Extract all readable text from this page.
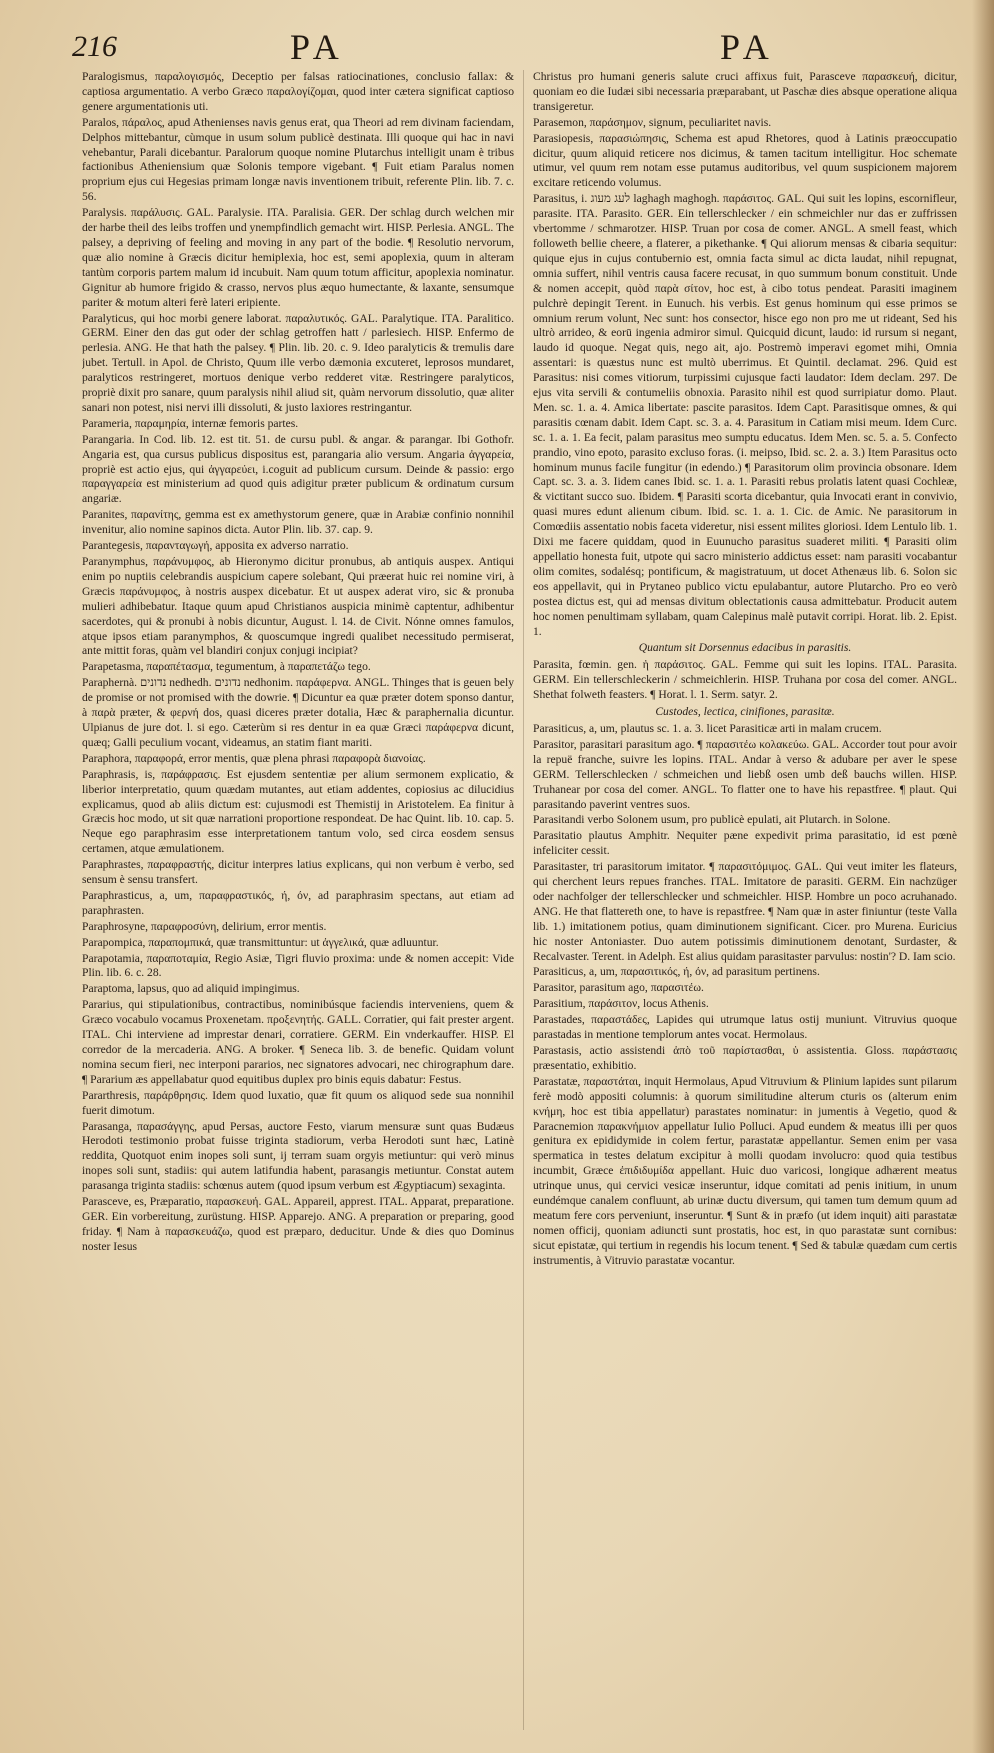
216	PA	PA

Paralogismus, παραλογισμός, Deceptio per falsas ratiocinationes, conclusio fallax: & captiosa argumentatio. A verbo Græco παραλογίζομαι, quod inter cætera significat captioso genere argumentationis uti.

Paralos, πάραλος, apud Athenienses navis genus erat, qua Theori ad rem divinam faciendam, Delphos mittebantur, cùmque in usum solum publicè destinata. Illi quoque qui hac in navi vehebantur, Parali dicebantur. Paralorum quoque nomine Plutarchus intelligit unam è tribus factionibus Atheniensium quæ Solonis tempore vigebant. ¶ Fuit etiam Paralus nomen proprium ejus cui Hegesias primam longæ navis inventionem tribuit, referente Plin. lib. 7. c. 56.

Paralysis. παράλυσις. GAL. Paralysie. ITA. Paralisia. GER. Der schlag durch welchen mir der harbe theil des leibs troffen und ynempfindlich gemacht wirt. HISP. Perlesia. ANGL. The palsey, a depriving of feeling and moving in any part of the bodie. ¶ Resolutio nervorum, quæ alio nomine à Græcis dicitur hemiplexia, hoc est, semi apoplexia, quum in alteram tantùm corporis partem malum id incubuit. Nam quum totum afficitur, apoplexia nominatur. Gignitur ab humore frigido & crasso, nervos plus æquo humectante, & laxante, sensumque pariter & motum alteri ferè lateri eripiente.

Paralyticus, qui hoc morbi genere laborat. παραλυτικός. GAL. Paralytique. ITA. Paralitico. GERM. Einer den das gut oder der schlag getroffen hatt / parlesiech. HISP. Enfermo de perlesia. ANG. He that hath the palsey. ¶ Plin. lib. 20. c. 9. Ideo paralyticis & tremulis dare jubet. Tertull. in Apol. de Christo, Quum ille verbo dæmonia excuteret, leprosos mundaret, paralyticos restringeret, mortuos denique verbo redderet vitæ. Restringere paralyticos, propriè dixit pro sanare, quum paralysis nihil aliud sit, quàm nervorum dissolutio, quæ aliter sanari non potest, nisi nervi illi dissoluti, & justo laxiores restringantur.

Parameria, παραμηρία, internæ femoris partes.

Parangaria. In Cod. lib. 12. est tit. 51. de cursu publ. & angar. & parangar. Ibi Gothofr. Angaria est, qua cursus publicus dispositus est, parangaria alio versum. Angaria ἀγγαρεία, propriè est actio ejus, qui ἀγγαρεύει, i.coguit ad publicum cursum. Deinde & passio: ergo παραγγαρεία est ministerium ad quod quis adigitur præter publicum & ordinatum cursum angariæ.

Paranites, παρανίτης, gemma est ex amethystorum genere, quæ in Arabiæ confinio nonnihil invenitur, alio nomine sapinos dicta. Autor Plin. lib. 37. cap. 9.

Parantegesis, παρανταγωγή, apposita ex adverso narratio.

Paranymphus, παράνυμφος, ab Hieronymo dicitur pronubus, ab antiquis auspex. Antiqui enim po nuptiis celebrandis auspicium capere solebant, Qui præerat huic rei nomine viri, à Græcis παράνυμφος, à nostris auspex dicebatur. Et ut auspex aderat viro, sic & pronuba mulieri adhibebatur. Itaque quum apud Christianos auspicia minimè captentur, adhibentur sacerdotes, qui & pronubi à nobis dicuntur, August. l. 14. de Civit. Nónne omnes famulos, atque ipsos etiam paranymphos, & quoscumque ingredi qualibet necessitudo permiserat, ante mittit foras, quàm vel blandiri conjux conjugi incipiat?

Parapetasma, παραπέτασμα, tegumentum, à παραπετάζω tego.

Paraphernà. נדונים nedhedh. נדונים nedhonim. παράφερνα. ANGL. Thinges that is geuen bely de promise or not promised with the dowrie. ¶ Dicuntur ea quæ præter dotem sponso dantur, à παρὰ præter, & φερνή dos, quasi diceres præter dotalia, Hæc & paraphernalia dicuntur. Ulpianus de jure dot. l. si ego. Cæterùm si res dentur in ea quæ Græci παράφερνα dicunt, quæq; Galli peculium vocant, videamus, an statim fiant mariti.

Paraphora, παραφορά, error mentis, quæ plena phrasi παραφορὰ διανοίας.

Paraphrasis, is, παράφρασις. Est ejusdem sententiæ per alium sermonem explicatio, & liberior interpretatio, quum quædam mutantes, aut etiam addentes, copiosius ac dilucidius explicamus, quod ab aliis dictum est: cujusmodi est Themistij in Aristotelem. Ea finitur à Græcis hoc modo, ut sit quæ narrationi proportione respondeat. De hac Quint. lib. 10. cap. 5. Neque ego paraphrasim esse interpretationem tantum volo, sed circa eosdem sensus certamen, atque æmulationem.

Paraphrastes, παραφραστής, dicitur interpres latius explicans, qui non verbum è verbo, sed sensum è sensu transfert.

Paraphrasticus, a, um, παραφραστικός, ή, όν, ad paraphrasim spectans, aut etiam ad paraphrasten.

Paraphrosyne, παραφροσύνη, delirium, error mentis.

Parapompica, παραπομπικά, quæ transmittuntur: ut ἀγγελικά, quæ adluuntur.

Parapotamia, παραποταμία, Regio Asiæ, Tigri fluvio proxima: unde & nomen accepit: Vide Plin. lib. 6. c. 28.

Paraptoma, lapsus, quo ad aliquid impingimus.

Pararius, qui stipulationibus, contractibus, nominibúsque faciendis interveniens, quem & Græco vocabulo vocamus Proxenetam. προξενητής. GALL. Corratier, qui fait prester argent. ITAL. Chi interviene ad imprestar denari, corratiere. GERM. Ein vnderkauffer. HISP. El corredor de la mercaderia. ANG. A broker. ¶ Seneca lib. 3. de benefic. Quidam volunt nomina secum fieri, nec interponi pararios, nec signatores advocari, nec chirographum dare. ¶ Pararium æs appellabatur quod equitibus duplex pro binis equis dabatur: Festus.

Pararthresis, παράρθρησις. Idem quod luxatio, quæ fit quum os aliquod sede sua nonnihil fuerit dimotum.

Parasanga, παρασάγγης, apud Persas, auctore Festo, viarum mensuræ sunt quas Budæus Herodoti testimonio probat fuisse triginta stadiorum, verba Herodoti sunt hæc, Latinè reddita, Quotquot enim inopes soli sunt, ij terram suam orgyis metiuntur: qui verò minus inopes soli sunt, stadiis: qui autem latifundia habent, parasangis metiuntur. Constat autem parasanga triginta stadiis: schœnus autem (quod ipsum verbum est Ægyptiacum) sexaginta.

Parasceve, es, Præparatio, παρασκευή. GAL. Appareil, apprest. ITAL. Apparat, preparatione. GER. Ein vorbereitung, zurüstung. HISP. Apparejo. ANG. A preparation or preparing, good friday. ¶ Nam à παρασκευάζω, quod est præparo, deducitur. Unde & dies quo Dominus noster Iesus

Christus pro humani generis salute cruci affixus fuit, Parasceve παρασκευή, dicitur, quoniam eo die Iudæi sibi necessaria præparabant, ut Paschæ dies absque operatione aliqua transigeretur.

Parasemon, παράσημον, signum, peculiaritet navis.

Parasiopesis, παρασιώπησις, Schema est apud Rhetores, quod à Latinis præoccupatio dicitur, quum aliquid reticere nos dicimus, & tamen tacitum intelligitur. Hoc schemate utimur, vel quum rem notam esse putamus auditoribus, vel quum suspicionem majorem excitare reticendo volumus.

Parasitus, i. לעג מעוג laghagh maghogh. παράσιτος. GAL. Qui suit les lopins, escornifleur, parasite. ITA. Parasito. GER. Ein tellerschlecker / ein schmeichler nur das er zuffrissen vbertomme / schmarotzer. HISP. Truan por cosa de comer. ANGL. A smell feast, which followeth bellie cheere, a flaterer, a pikethanke. ¶ Qui aliorum mensas & cibaria sequitur: quique ejus in cujus contubernio est, omnia facta simul ac dicta laudat, nihil repugnat, omnia suffert, nihil ventris causa facere recusat, in quo summum bonum constituit. Unde & nomen accepit, quòd παρὰ σίτον, hoc est, à cibo totus pendeat. Parasiti imaginem pulchrè depingit Terent. in Eunuch. his verbis. Est genus hominum qui esse primos se omnium rerum volunt, Nec sunt: hos consector, hisce ego non pro me ut rideant, Sed his ultrò arrideo, & eorū ingenia admiror simul. Quicquid dicunt, laudo: id rursum si negant, laudo id quoque. Negat quis, nego ait, ajo. Postremò imperavi egomet mihi, Omnia assentari: is quæstus nunc est multò uberrimus. Et Quintil. declamat. 296. Quid est Parasitus: nisi comes vitiorum, turpissimi cujusque facti laudator: Idem declam. 297. De ejus vita servili & contumeliis obnoxia. Parasito nihil est quod surripiatur domo. Plaut. Men. sc. 1. a. 4. Amica libertate: pascite parasitos. Idem Capt. Parasitisque omnes, & qui parasitis cœnam dabit. Idem Capt. sc. 3. a. 4. Parasitum in Catiam misi meum. Idem Curc. sc. 1. a. 1. Ea fecit, palam parasitus meo sumptu educatus. Idem Men. sc. 5. a. 5. Confecto prandio, vino epoto, parasito excluso foras. (i. meipso, Ibid. sc. 2. a. 3.) Item Parasitus octo hominum munus facile fungitur (in edendo.) ¶ Parasitorum olim provincia obsonare. Idem Capt. sc. 3. a. 3. Iidem canes Ibid. sc. 1. a. 1. Parasiti rebus prolatis latent quasi Cochleæ, & victitant succo suo. Ibidem. ¶ Parasiti scorta dicebantur, quia Invocati erant in convivio, quasi mures edunt alienum cibum. Ibid. sc. 1. a. 1. Cic. de Amic. Ne parasitorum in Comœdiis assentatio nobis faceta videretur, nisi essent milites gloriosi. Idem Lentulo lib. 1. Dixi me facere quiddam, quod in Euunucho parasitus suaderet militi. ¶ Parasiti olim appellatio honesta fuit, utpote qui sacro ministerio addictus esset: nam parasiti vocabantur olim comites, sodalésq; pontificum, & magistratuum, ut docet Athenæus lib. 6. Solon sic eos appellavit, qui in Prytaneo publico victu epulabantur, autore Plutarcho. Pro eo verò postea dictus est, qui ad mensas divitum oblectationis causa admittebatur. Producit autem hoc nomen penultimam syllabam, quam Calepinus malè putavit corripi. Horat. lib. 2. Epist. 1.

Quantum sit Dorsennus edacibus in parasitis.

Parasita, fœmin. gen. ἡ παράσιτος. GAL. Femme qui suit les lopins. ITAL. Parasita. GERM. Ein tellerschleckerin / schmeichlerin. HISP. Truhana por cosa del comer. ANGL. Shethat folweth feasters. ¶ Horat. l. 1. Serm. satyr. 2.

Custodes, lectica, cinifiones, parasitæ.

Parasiticus, a, um, plautus sc. 1. a. 3. licet Parasiticæ arti in malam crucem.

Parasitor, parasitari parasitum ago. ¶ παρασιτέω κολακεύω. GAL. Accorder tout pour avoir la repuë franche, suivre les lopins. ITAL. Andar à verso & adubare per aver le spese GERM. Tellerschlecken / schmeichen und liebß osen umb deß bauchs willen. HISP. Truhanear por cosa del comer. ANGL. To flatter one to have his repastfree. ¶ plaut. Qui parasitando paverint ventres suos.

Parasitandi verbo Solonem usum, pro publicè epulati, ait Plutarch. in Solone.

Parasitatio plautus Amphitr. Nequiter pæne expedivit prima parasitatio, id est pœnè infeliciter cessit.

Parasitaster, tri parasitorum imitator. ¶ παρασιτόμιμος. GAL. Qui veut imiter les flateurs, qui cherchent leurs repues franches. ITAL. Imitatore de parasiti. GERM. Ein nachzüger oder nachfolger der tellerschlecker und schmeichler. HISP. Hombre un poco acruhanado. ANG. He that flattereth one, to have is repastfree. ¶ Nam quæ in aster finiuntur (teste Valla lib. 1.) imitationem potius, quam diminutionem significant. Cicer. pro Murena. Euricius hic noster Antoniaster. Duo autem potissimis diminutionem denotant, Surdaster, & Recalvaster. Terent. in Adelph. Est alius quidam parasitaster parvulus: nostin'? D. Iam scio.

Parasiticus, a, um, παρασιτικός, ή, όν, ad parasitum pertinens.

Parasitor, parasitum ago, παρασιτέω.

Parasitium, παράσιτον, locus Athenis.

Parastades, παραστάδες, Lapides qui utrumque latus ostij muniunt. Vitruvius quoque parastadas in mentione templorum antes vocat. Hermolaus.

Parastasis, actio assistendi ἀπὸ τοῦ παρίστασθαι, ὑ assistentia. Gloss. παράστασις præsentatio, exhibitio.

Parastatæ, παραστάται, inquit Hermolaus, Apud Vitruvium & Plinium lapides sunt pilarum ferè modò appositi columnis: à quorum similitudine alterum cturis os (alterum enim κνήμη, hoc est tibia appellatur) parastates nominatur: in jumentis à Vegetio, quod & Paracnemion παρακνήμιον appellatur Iulio Polluci. Apud eundem & meatus illi per quos genitura ex epididymide in colem fertur, parastatæ appellantur. Semen enim per vasa spermatica in testes delatum excipitur à molli quodam involucro: quod quia testibus incumbit, Græce ἐπιδιδυμίδα appellant. Huic duo varicosi, longique adhærent meatus utrinque unus, qui cervici vesicæ inseruntur, idque comitati ad penis initium, in unum eundémque canalem confluunt, ab urinæ ductu diversum, qui tamen tum demum quum ad meatum fere cors perveniunt, inseruntur. ¶ Sunt & in præfo (ut idem inquit) aiti parastatæ nomen officij, quoniam adiuncti sunt prostatis, hoc est, in quo parastatæ sunt cornibus: sicut epistatæ, qui tertium in regendis his locum tenent. ¶ Sed & tabulæ quædam cum certis instrumentis, à Vitruvio parastatæ vocantur.
